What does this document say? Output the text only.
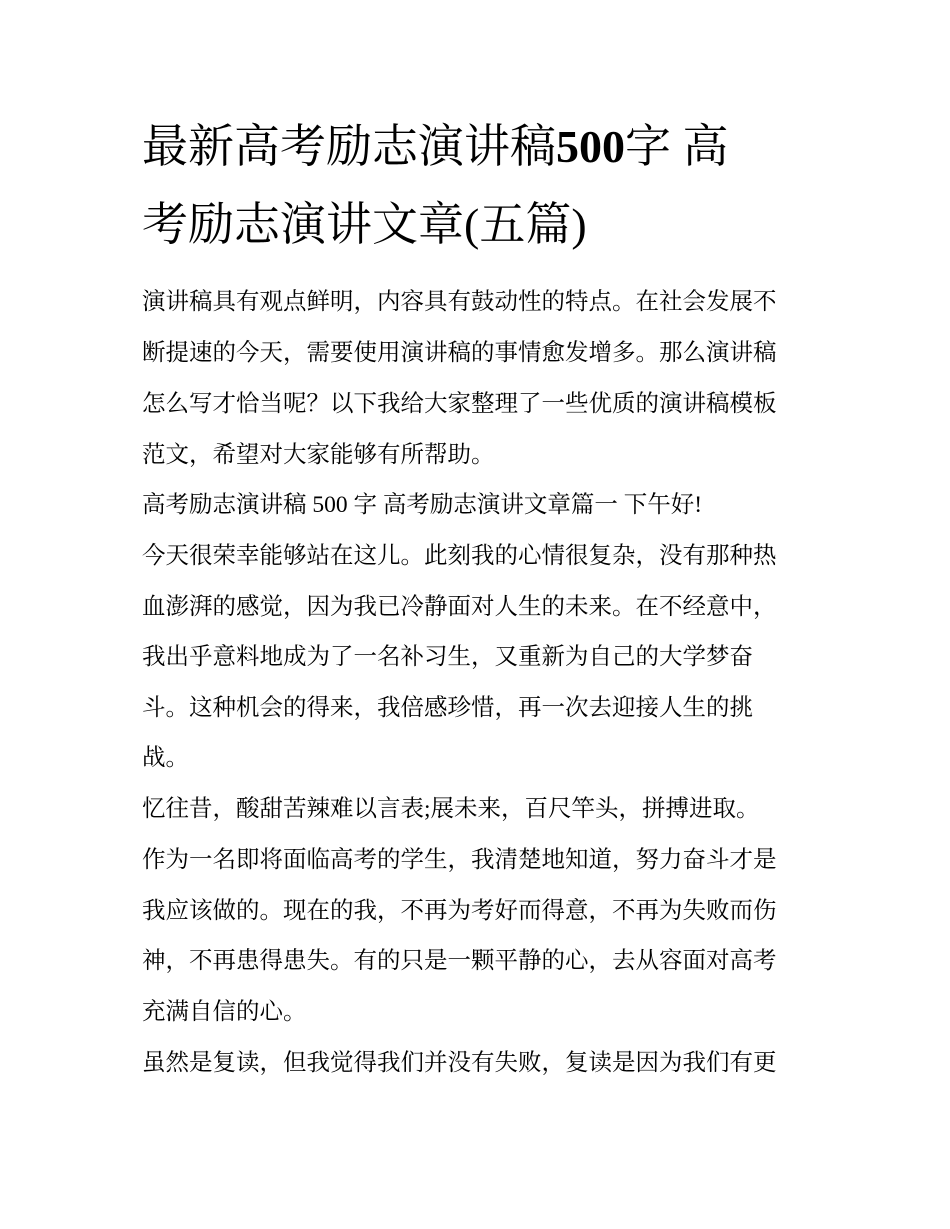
最新高考励志演讲稿500字 高
考励志演讲文章(五篇)

演讲稿具有观点鲜明，内容具有鼓动性的特点。在社会发展不

断提速的今天，需要使用演讲稿的事情愈发增多。那么演讲稿

怎么写才恰当呢？以下我给大家整理了一些优质的演讲稿模板

范文，希望对大家能够有所帮助。

高考励志演讲稿 500 字 高考励志演讲文章篇一 下午好!

今天很荣幸能够站在这儿。此刻我的心情很复杂，没有那种热

血澎湃的感觉，因为我已冷静面对人生的未来。在不经意中，

我出乎意料地成为了一名补习生，又重新为自己的大学梦奋

斗。这种机会的得来，我倍感珍惜，再一次去迎接人生的挑

战。

忆往昔，酸甜苦辣难以言表;展未来，百尺竿头，拼搏进取。

作为一名即将面临高考的学生，我清楚地知道，努力奋斗才是

我应该做的。现在的我，不再为考好而得意，不再为失败而伤

神，不再患得患失。有的只是一颗平静的心，去从容面对高考

充满自信的心。

虽然是复读，但我觉得我们并没有失败，复读是因为我们有更
